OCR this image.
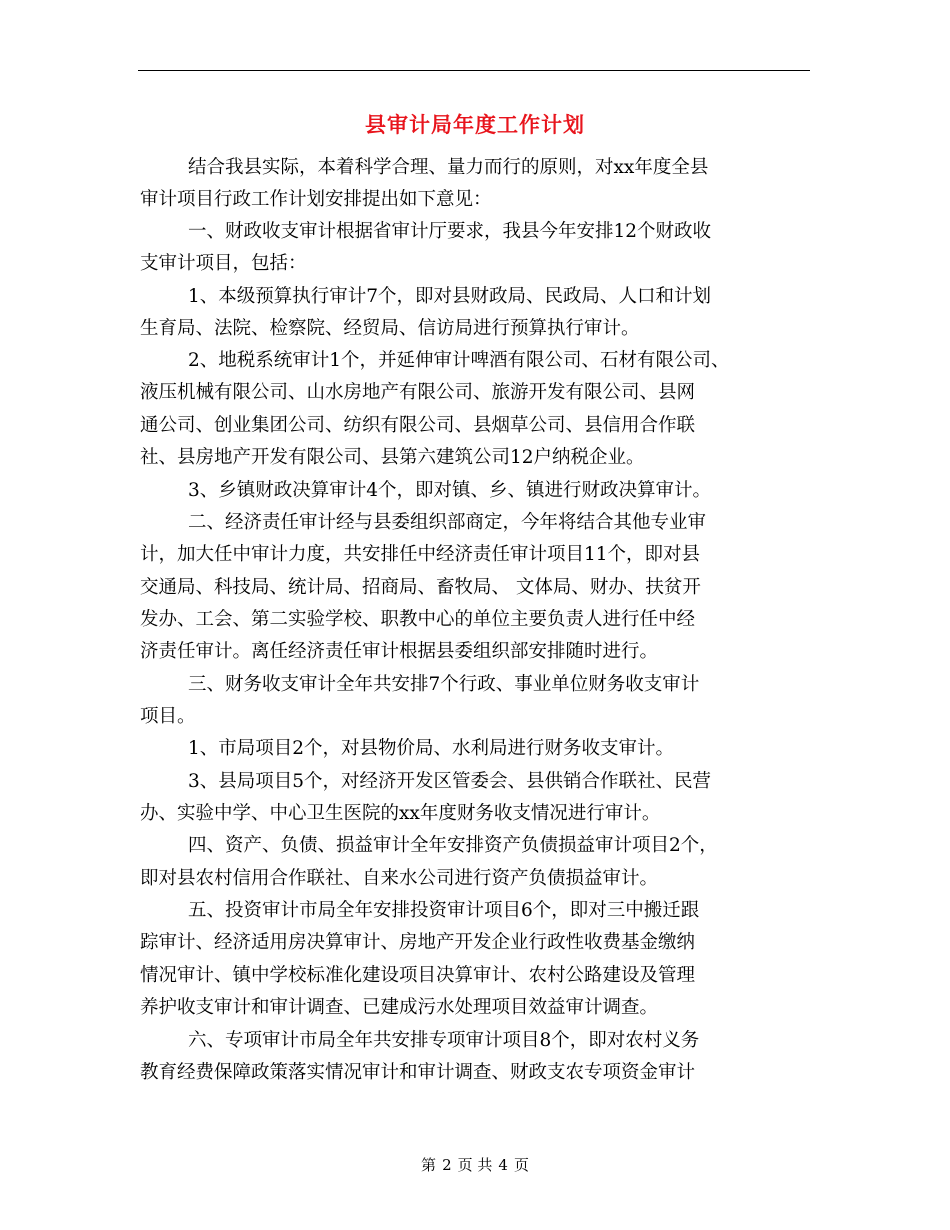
县审计局年度工作计划
结合我县实际，本着科学合理、量力而行的原则，对xx年度全县
审计项目行政工作计划安排提出如下意见：
一、财政收支审计根据省审计厅要求，我县今年安排12个财政收
支审计项目，包括：
1、本级预算执行审计7个，即对县财政局、民政局、人口和计划
生育局、法院、检察院、经贸局、信访局进行预算执行审计。
2、地税系统审计1个，并延伸审计啤酒有限公司、石材有限公司、
液压机械有限公司、山水房地产有限公司、旅游开发有限公司、县网
通公司、创业集团公司、纺织有限公司、县烟草公司、县信用合作联
社、县房地产开发有限公司、县第六建筑公司12户纳税企业。
3、乡镇财政决算审计4个，即对镇、乡、镇进行财政决算审计。
二、经济责任审计经与县委组织部商定，今年将结合其他专业审
计，加大任中审计力度，共安排任中经济责任审计项目11个，即对县
交通局、科技局、统计局、招商局、畜牧局、 文体局、财办、扶贫开
发办、工会、第二实验学校、职教中心的单位主要负责人进行任中经
济责任审计。离任经济责任审计根据县委组织部安排随时进行。
三、财务收支审计全年共安排7个行政、事业单位财务收支审计
项目。
1、市局项目2个，对县物价局、水利局进行财务收支审计。
3、县局项目5个，对经济开发区管委会、县供销合作联社、民营
办、实验中学、中心卫生医院的xx年度财务收支情况进行审计。
四、资产、负债、损益审计全年安排资产负债损益审计项目2个，
即对县农村信用合作联社、自来水公司进行资产负债损益审计。
五、投资审计市局全年安排投资审计项目6个，即对三中搬迁跟
踪审计、经济适用房决算审计、房地产开发企业行政性收费基金缴纳
情况审计、镇中学校标准化建设项目决算审计、农村公路建设及管理
养护收支审计和审计调查、已建成污水处理项目效益审计调查。
六、专项审计市局全年共安排专项审计项目8个，即对农村义务
教育经费保障政策落实情况审计和审计调查、财政支农专项资金审计
第 2 页 共 4 页
